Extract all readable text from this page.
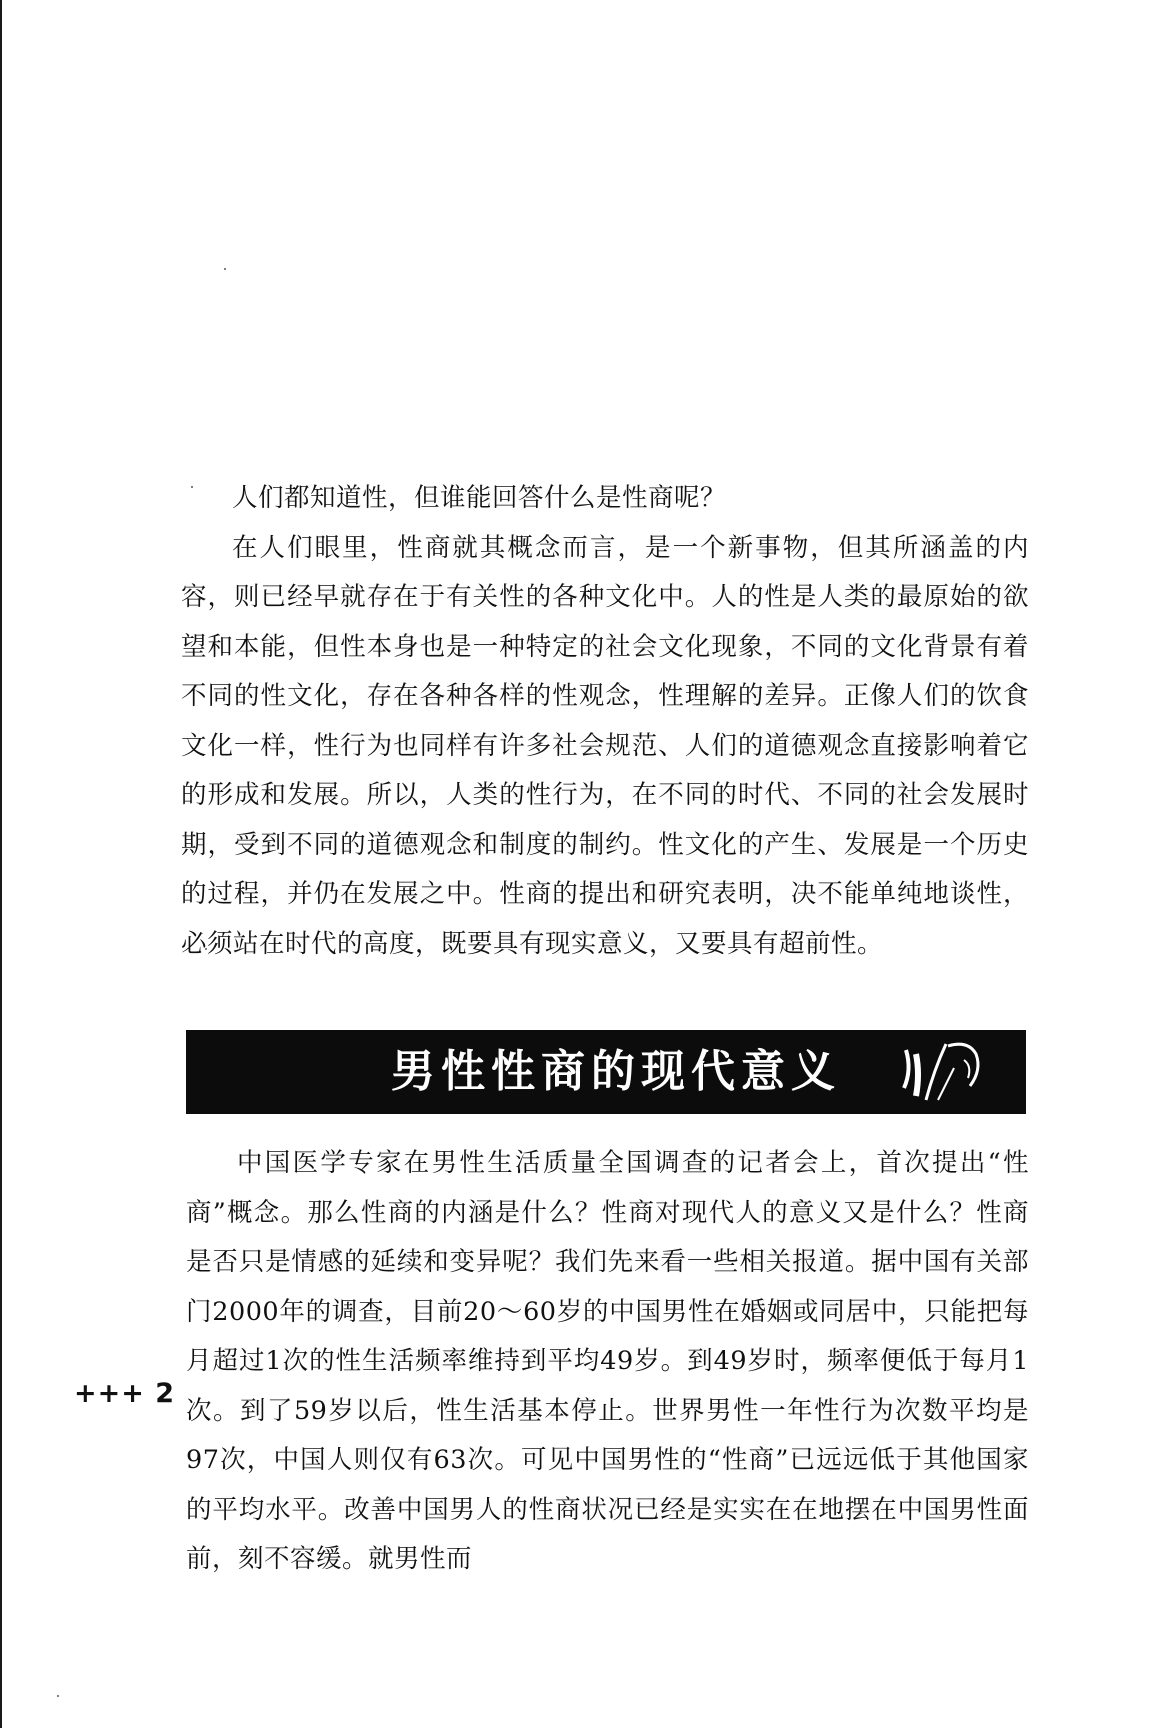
人们都知道性，但谁能回答什么是性商呢？

在人们眼里，性商就其概念而言，是一个新事物，但其所涵盖的内容，则已经早就存在于有关性的各种文化中。人的性是人类的最原始的欲望和本能，但性本身也是一种特定的社会文化现象，不同的文化背景有着不同的性文化，存在各种各样的性观念，性理解的差异。正像人们的饮食文化一样，性行为也同样有许多社会规范、人们的道德观念直接影响着它的形成和发展。所以，人类的性行为，在不同的时代、不同的社会发展时期，受到不同的道德观念和制度的制约。性文化的产生、发展是一个历史的过程，并仍在发展之中。性商的提出和研究表明，决不能单纯地谈性，必须站在时代的高度，既要具有现实意义，又要具有超前性。

男性性商的现代意义

中国医学专家在男性生活质量全国调查的记者会上，首次提出“性商”概念。那么性商的内涵是什么？性商对现代人的意义又是什么？性商是否只是情感的延续和变异呢？我们先来看一些相关报道。据中国有关部门2000年的调查，目前20～60岁的中国男性在婚姻或同居中，只能把每月超过1次的性生活频率维持到平均49岁。到49岁时，频率便低于每月1次。到了59岁以后，性生活基本停止。世界男性一年性行为次数平均是97次，中国人则仅有63次。可见中国男性的“性商”已远远低于其他国家的平均水平。改善中国男人的性商状况已经是实实在在地摆在中国男性面前，刻不容缓。就男性而

+++ 2
